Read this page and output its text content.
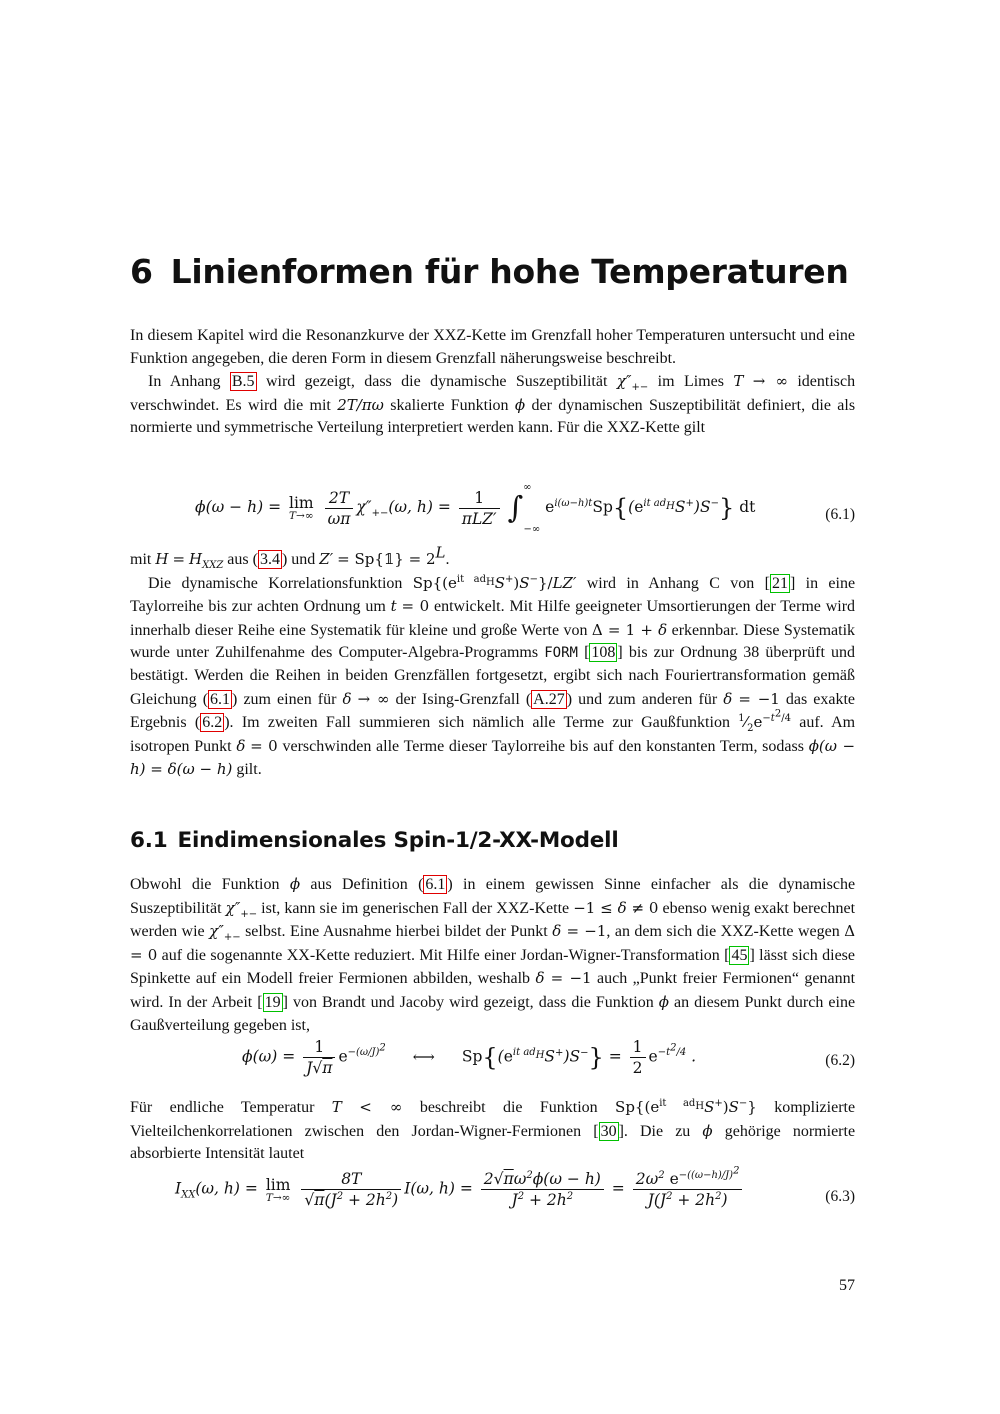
6 Linienformen für hohe Temperaturen

In diesem Kapitel wird die Resonanzkurve der XXZ-Kette im Grenzfall hoher Temperaturen untersucht und eine Funktion angegeben, die deren Form in diesem Grenzfall näherungsweise beschreibt.

In Anhang B.5 wird gezeigt, dass die dynamische Suszeptibilität $\chi''_{+-}$ im Limes T → ∞ identisch verschwindet. Es wird die mit 2T/πω skalierte Funktion ϕ der dynamischen Suszeptibilität definiert, die als normierte und symmetrische Verteilung interpretiert werden kann. Für die XXZ-Kette gilt

ϕ(ω − h) = lim
T→∞
$\frac{2T}{\omega\pi} \chi''_{+-}(\omega$, $h) = \frac{1}{\text{πLZ′}} \int^\infty_{-\infty}$ $e^{i(\omega-h)t}Sp\{(e^{it ad_H}S^+)S^-\}$ dt	(6.1)

mit $H = H_{XXZ}$ aus ( 3.4 ) und Z′ = Sp{𝟙} = $2^L$.

Die dynamische Korrelationsfunktion $Sp\{(e^{it ad_H}S^+)S^-\}/LZ'$ wird in Anhang C von [ 21 ] in eine Taylorreihe bis zur achten Ordnung um t = 0 entwickelt. Mit Hilfe geeigneter Umsortierungen der Terme wird innerhalb dieser Reihe eine Systematik für kleine und große Werte von Δ = 1 + δ erkennbar. Diese Systematik wurde unter Zuhilfenahme des Computer-Algebra-Programms FORM [ 108 ] bis zur Ordnung 38 überprüft und bestätigt. Werden die Reihen in beiden Grenzfällen fortgesetzt, ergibt sich nach Fouriertransformation gemäß Gleichung ( 6.1 ) zum einen für δ → ∞ der Ising-Grenzfall ( A.27 ) und zum anderen für δ = −1 das exakte Ergebnis ( 6.2 ). Im zweiten Fall summieren sich nämlich alle Terme zur Gaußfunktion $^1⁄_2e^{-t^2/4}$ auf. Am isotropen Punkt δ = 0 verschwinden alle Terme dieser Taylorreihe bis auf den konstanten Term, sodass ϕ(ω − h) = δ(ω − h) gilt.

6.1 Eindimensionales Spin-1/2-XX-Modell

Obwohl die Funktion ϕ aus Definition ( 6.1 ) in einem gewissen Sinne einfacher als die dynamische Suszeptibilität $\chi''_{+-}$ ist, kann sie im generischen Fall der XXZ-Kette −1 ≤ δ ≠ 0 ebenso wenig exakt berechnet werden wie $\chi''_{+-}$ selbst. Eine Ausnahme hierbei bildet der Punkt δ = −1, an dem sich die XXZ-Kette wegen Δ = 0 auf die sogenannte XX-Kette reduziert. Mit Hilfe einer Jordan-Wigner-Transformation [ 45 ] lässt sich diese Spinkette auf ein Modell freier Fermionen abbilden, weshalb δ = −1 auch „Punkt freier Fermionen“ genannt wird. In der Arbeit [ 19 ] von Brandt und Jacoby wird gezeigt, dass die Funktion ϕ an diesem Punkt durch eine Gaußverteilung gegeben ist,

$\phi(\omega) = \frac{1}{J√\pi} e^{-(\omega/J)^2}$ ⟷ $Sp\{(e^{it ad_H}S^+)S^-\} = \frac{1}{2} e^{-t^2/4}$ .	(6.2)

Für endliche Temperatur T < ∞ beschreibt die Funktion $Sp\{(e^{it ad_H}S^+)S^-\}$ komplizierte Vielteilchenkorrelationen zwischen den Jordan-Wigner-Fermionen [ 30 ]. Die zu ϕ gehörige normierte absorbierte Intensität lautet

$I_{XX}(\omega$, h) = lim
T→∞
$\frac{8T}{√\pi(J^2 + 2h^2)} I(\omega$, $h) = \frac{2√\pi\omega^2\phi(\omega - h)}{J^2 + 2h^2} = \frac{2\omega^2 e^{-((\omega-h)/J)^2}}{J(J^2 + 2h^2)}$	(6.3)
57
